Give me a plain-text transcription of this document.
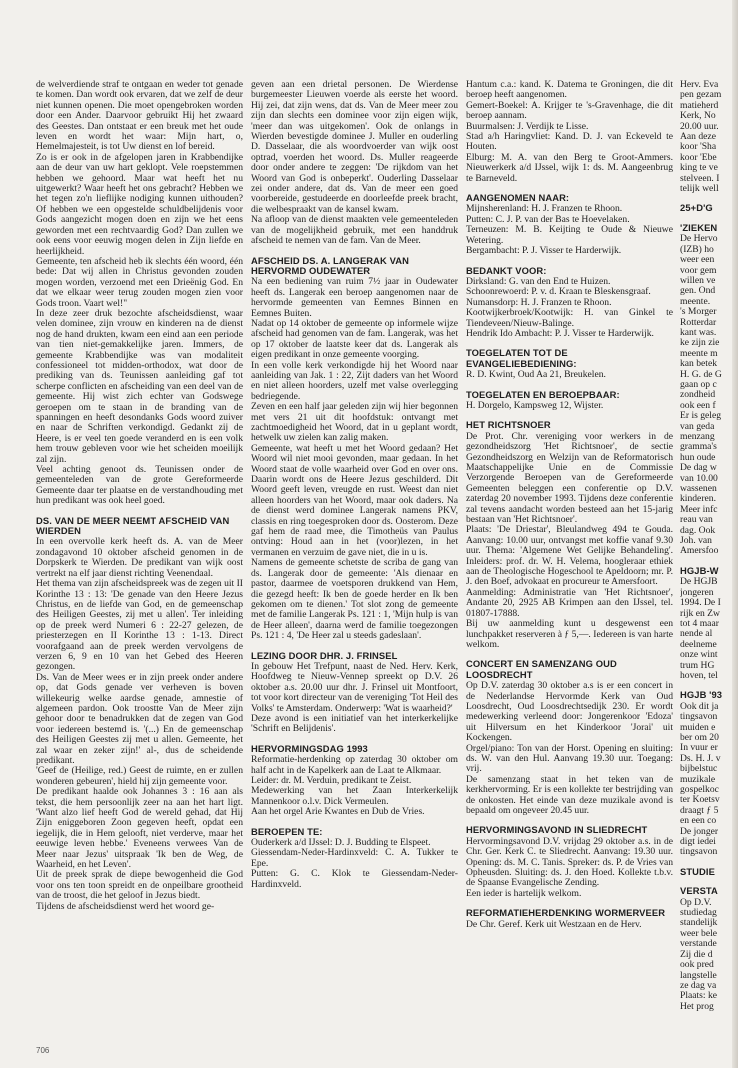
de welverdiende straf te ontgaan en weder tot genade te komen. Dan wordt ook ervaren, dat we zelf de deur niet kunnen openen. Die moet opengebroken worden door een Ander. Daarvoor gebruikt Hij het zwaard des Geestes. Dan ontstaat er een breuk met het oude leven en wordt het waar: Mijn hart, o, Hemelmajesteit, is tot Uw dienst en lof bereid.

Zo is er ook in de afgelopen jaren in Krabbendijke aan de deur van uw hart geklopt. Vele roepstemmen hebben we gehoord. Maar wat heeft het nu uitgewerkt? Waar heeft het ons gebracht? Hebben we het tegen zo'n lieflijke nodiging kunnen uithouden? Of hebben we een opgestelde schuldbelijdenis voor Gods aangezicht mogen doen en zijn we het eens geworden met een rechtvaardig God? Dan zullen we ook eens voor eeuwig mogen delen in Zijn liefde en heerlijkheid.

Gemeente, ten afscheid heb ik slechts één woord, één bede: Dat wij allen in Christus gevonden zouden mogen worden, verzoend met een Drieënig God. En dat we elkaar weer terug zouden mogen zien voor Gods troon. Vaart wel!"

In deze zeer druk bezochte afscheidsdienst, waar velen dominee, zijn vrouw en kinderen na de dienst nog de hand drukten, kwam een eind aan een periode van tien niet-gemakkelijke jaren. Immers, de gemeente Krabbendijke was van modaliteit confessioneel tot midden-orthodox, wat door de prediking van ds. Teunissen aanleiding gaf tot scherpe conflicten en afscheiding van een deel van de gemeente. Hij wist zich echter van Godswege geroepen om te staan in de branding van de spanningen en heeft desondanks Gods woord zuiver en naar de Schriften verkondigd. Gedankt zij de Heere, is er veel ten goede veranderd en is een volk hem trouw gebleven voor wie het scheiden moeilijk zal zijn.

Veel achting genoot ds. Teunissen onder de gemeenteleden van de grote Gereformeerde Gemeente daar ter plaatse en de verstandhouding met hun predikant was ook heel goed.

DS. VAN DE MEER NEEMT AFSCHEID VAN WIERDEN

In een overvolle kerk heeft ds. A. van de Meer zondagavond 10 oktober afscheid genomen in de Dorpskerk te Wierden. De predikant van wijk oost vertrekt na elf jaar dienst richting Veenendaal.

Het thema van zijn afscheidspreek was de zegen uit II Korinthe 13 : 13: 'De genade van den Heere Jezus Christus, en de liefde van God, en de gemeenschap des Heiligen Geestes, zij met u allen'. Ter inleiding op de preek werd Numeri 6 : 22-27 gelezen, de priesterzegen en II Korinthe 13 : 1-13. Direct voorafgaand aan de preek werden vervolgens de verzen 6, 9 en 10 van het Gebed des Heeren gezongen.

Ds. Van de Meer wees er in zijn preek onder andere op, dat Gods genade ver verheven is boven willekeurig welke aardse genade, amnestie of algemeen pardon. Ook troostte Van de Meer zijn gehoor door te benadrukken dat de zegen van God voor iedereen bestemd is. '(...) En de gemeenschap des Heiligen Geestes zij met u allen. Gemeente, het zal waar en zeker zijn!' al-, dus de scheidende predikant.

'Geef de (Heilige, red.) Geest de ruimte, en er zullen wonderen gebeuren', hield hij zijn gemeente voor.

De predikant haalde ook Johannes 3 : 16 aan als tekst, die hem persoonlijk zeer na aan het hart ligt. 'Want alzo lief heeft God de wereld gehad, dat Hij Zijn eniggeboren Zoon gegeven heeft, opdat een iegelijk, die in Hem gelooft, niet verderve, maar het eeuwige leven hebbe.' Eveneens verwees Van de Meer naar Jezus' uitspraak 'Ik ben de Weg, de Waarheid, en het Leven'.

Uit de preek sprak de diepe bewogenheid die God voor ons ten toon spreidt en de onpeilbare grootheid van de troost, die het geloof in Jezus biedt.

Tijdens de afscheidsdienst werd het woord ge-

geven aan een drietal personen. De Wierdense burgemeester Lieuwen voerde als eerste het woord. Hij zei, dat zijn wens, dat ds. Van de Meer meer zou zijn dan slechts een dominee voor zijn eigen wijk, 'meer dan was uitgekomen'. Ook de onlangs in Wierden bevestigde dominee J. Muller en ouderling D. Dasselaar, die als woordvoerder van wijk oost optrad, voerden het woord. Ds. Muller reageerde door onder andere te zeggen: 'De rijkdom van het Woord van God is onbeperkt'. Ouderling Dasselaar zei onder andere, dat ds. Van de meer een goed voorbereide, gestudeerde en doorleefde preek bracht, die welbespraakt van de kansel kwam.

Na afloop van de dienst maakten vele gemeenteleden van de mogelijkheid gebruik, met een handdruk afscheid te nemen van de fam. Van de Meer.

AFSCHEID DS. A. LANGERAK VAN HERVORMD OUDEWATER

Na een bediening van ruim 7½ jaar in Oudewater heeft ds. Langerak een beroep aangenomen naar de hervormde gemeenten van Eemnes Binnen en Eemnes Buiten.

Nadat op 14 oktober de gemeente op informele wijze afscheid had genomen van de fam. Langerak, was het op 17 oktober de laatste keer dat ds. Langerak als eigen predikant in onze gemeente voorging.

In een volle kerk verkondigde hij het Woord naar aanleiding van Jak. 1 : 22, Zijt daders van het Woord en niet alleen hoorders, uzelf met valse overlegging bedriegende.

Zeven en een half jaar geleden zijn wij hier begonnen met vers 21 uit dit hoofdstuk: ontvangt met zachtmoedigheid het Woord, dat in u geplant wordt, hetwelk uw zielen kan zalig maken.

Gemeente, wat heeft u met het Woord gedaan? Het Woord wil niet mooi gevonden, maar gedaan. In het Woord staat de volle waarheid over God en over ons. Daarin wordt ons de Heere Jezus geschilderd. Dit Woord geeft leven, vreugde en rust. Weest dan niet alleen hoorders van het Woord, maar ook daders. Na de dienst werd dominee Langerak namens PKV, classis en ring toegesproken door ds. Oosterom. Deze gaf hem de raad mee, die Timotheüs van Paulus ontving: Houd aan in het (voor)lezen, in het vermanen en verzuim de gave niet, die in u is.

Namens de gemeente schetste de scriba de gang van ds. Langerak door de gemeente: 'Als dienaar en pastor, daarmee de voetsporen drukkend van Hem, die gezegd heeft: Ik ben de goede herder en Ik ben gekomen om te dienen.' Tot slot zong de gemeente met de familie Langerak Ps. 121 : 1, 'Mijn hulp is van de Heer alleen', daarna werd de familie toegezongen Ps. 121 : 4, 'De Heer zal u steeds gadeslaan'.

LEZING DOOR DHR. J. FRINSEL

In gebouw Het Trefpunt, naast de Ned. Herv. Kerk, Hoofdweg te Nieuw-Vennep spreekt op D.V. 26 oktober a.s. 20.00 uur dhr. J. Frinsel uit Montfoort, tot voor kort directeur van de vereniging 'Tot Heil des Volks' te Amsterdam. Onderwerp: 'Wat is waarheid?'

Deze avond is een initiatief van het interkerkelijke 'Schrift en Belijdenis'.

HERVORMINGSDAG 1993

Reformatie-herdenking op zaterdag 30 oktober om half acht in de Kapelkerk aan de Laat te Alkmaar.

Leider: dr. M. Verduin, predikant te Zeist.

Medewerking van het Zaan Interkerkelijk Mannenkoor o.l.v. Dick Vermeulen.

Aan het orgel Arie Kwantes en Dub de Vries.

BEROEPEN TE:

Ouderkerk a/d IJssel: D. J. Budding te Elspeet.

Giessendam-Neder-Hardinxveld: C. A. Tukker te Epe.

Putten: G. C. Klok te Giessendam-Neder-Hardinxveld.

Hantum c.a.: kand. K. Datema te Groningen, die dit beroep heeft aangenomen.

Gemert-Boekel: A. Krijger te 's-Gravenhage, die dit beroep aannam.

Buurmalsen: J. Verdijk te Lisse.

Stad a/h Haringvliet: Kand. D. J. van Eckeveld te Houten.

Elburg: M. A. van den Berg te Groot-Ammers. Nieuwerkerk a/d IJssel, wijk 1: ds. M. Aangeenbrug te Barneveld.

AANGENOMEN NAAR:

Mijnsherenland: H. J. Franzen te Rhoon.

Putten: C. J. P. van der Bas te Hoevelaken.

Terneuzen: M. B. Keijting te Oude & Nieuwe Wetering.

Bergambacht: P. J. Visser te Harderwijk.

BEDANKT VOOR:

Dirksland: G. van den End te Huizen.

Schoonrewoerd: P. v. d. Kraan te Bleskensgraaf.

Numansdorp: H. J. Franzen te Rhoon.

Kootwijkerbroek/Kootwijk: H. van Ginkel te Tiendeveen/Nieuw-Balinge.

Hendrik Ido Ambacht: P. J. Visser te Harderwijk.

TOEGELATEN TOT DE EVANGELIEBEDIENING:

R. D. Kwint, Oud Aa 21, Breukelen.

TOEGELATEN EN BEROEPBAAR:

H. Dorgelo, Kampsweg 12, Wijster.

HET RICHTSNOER

De Prot. Chr. vereniging voor werkers in de gezondheidszorg 'Het Richtsnoer', de sectie Gezondheidszorg en Welzijn van de Reformatorisch Maatschappelijke Unie en de Commissie Verzorgende Beroepen van de Gereformeerde Gemeenten beleggen een conferentie op D.V. zaterdag 20 november 1993. Tijdens deze conferentie zal tevens aandacht worden besteed aan het 15-jarig bestaan van 'Het Richtsnoer'.

Plaats: 'De Driestar', Bleulandweg 494 te Gouda. Aanvang: 10.00 uur, ontvangst met koffie vanaf 9.30 uur. Thema: 'Algemene Wet Gelijke Behandeling'. Inleiders: prof. dr. W. H. Velema, hoogleraar ethiek aan de Theologische Hogeschool te Apeldoorn; mr. P. J. den Boef, advokaat en procureur te Amersfoort.

Aanmelding: Administratie van 'Het Richtsnoer', Andante 20, 2925 AB Krimpen aan den IJssel, tel. 01807-17888.

Bij uw aanmelding kunt u desgewenst een lunchpakket reserveren à ƒ 5,—. Iedereen is van harte welkom.

CONCERT EN SAMENZANG OUD LOOSDRECHT

Op D.V. zaterdag 30 oktober a.s is er een concert in de Nederlandse Hervormde Kerk van Oud Loosdrecht, Oud Loosdrechtsedijk 230. Er wordt medewerking verleend door: Jongerenkoor 'Edoza' uit Hilversum en het Kinderkoor 'Jorai' uit Kockengen.

Orgel/piano: Ton van der Horst. Opening en sluiting: ds. W. van den Hul. Aanvang 19.30 uur. Toegang: vrij.

De samenzang staat in het teken van de kerkhervorming. Er is een kollekte ter bestrijding van de onkosten. Het einde van deze muzikale avond is bepaald om ongeveer 20.45 uur.

HERVORMINGSAVOND IN SLIEDRECHT

Hervormingsavond D.V. vrijdag 29 oktober a.s. in de Chr. Ger. Kerk C. te Sliedrecht. Aanvang: 19.30 uur. Opening: ds. M. C. Tanis. Spreker: ds. P. de Vries van Ophеusden. Sluiting: ds. J. den Hoed. Kollekte t.b.v. de Spaanse Evangelische Zending.

Een ieder is hartelijk welkom.

REFORMATIEHERDENKING WORMERVEER

De Chr. Geref. Kerk uit Westzaan en de Herv.

Herv. Eva

pen gezam

matieherd

Kerk, No

20.00 uur.

Aan deze

koor 'Sha

koor 'Ebe

king te ve

stelveen. I

telijk well

25+D'G
'ZIEKEN

De Hervo

(IZB) ho

weer een

voor gem

willen ve

gen. Ond

meente.

's Morger

Rotterdar

kant was.

ke zijn zie

meente m

kan betek

H. G. de G

gaan op c

zondheid

ook een f

Er is geleg

van geda

menzang

gramma's

hun oude

De dag w

van 10.00

wassenen

kinderen.

Meer infc

reau van

dag. Ook

Joh. van

Amersfoo

HGJB-W

De HGJB

jongeren

1994. De I

rijk en Zw

tot 4 maar

nende al

deelneme

onze wint

trum HG

hoven, tel

HGJB '93

Ook dit ja

tingsavon

muiden e

ber om 20

In vuur er

Ds. H. J. v

bijbelstuc

muzikale

gospelkoc

ter Koetsv

draagt ƒ 5

en een co

De jonger

digt iedei

tingsavon

STUDIE
VERSTA

Op D.V.

studiedag

standelijk

weer bele

verstande

Zij die d

ook pred

langstelle

ze dag va

Plaats: ke

Het prog

706
